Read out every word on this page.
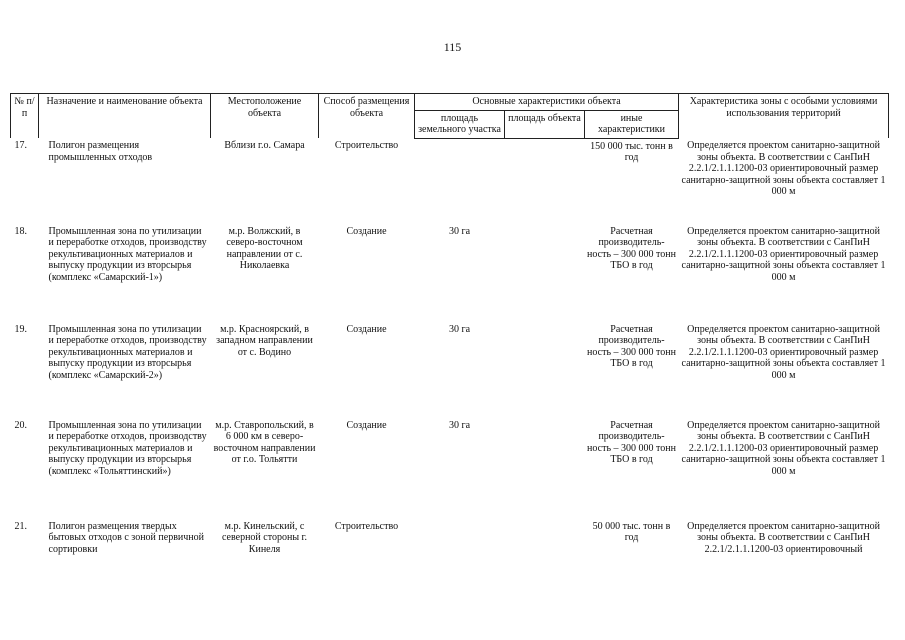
115
№ п/п	Назначение и наименование объекта	Местоположение объекта	Способ размещения объекта	Основные характеристики объекта			Характеристика зоны с особыми условиями использования территорий
				площадь земельного участка	площадь объекта	иные характеристики	
17.	Полигон размещения промышленных отходов	Вблизи г.о. Самара	Строительство			150 000 тыс. тонн в год	Определяется проектом санитарно-защитной зоны объекта. В соответствии с СанПиН 2.2.1/2.1.1.1200-03 ориентировочный размер санитарно-защитной зоны объекта составляет 1 000 м
18.	Промышленная зона по утилизации и переработке отходов, производству рекультивационных материалов и выпуску продукции из вторсырья (комплекс «Самарский-1»)	м.р. Волжский, в северо-восточном направлении от с. Николаевка	Создание	30 га		Расчетная производитель-ность – 300 000 тонн ТБО в год	Определяется проектом санитарно-защитной зоны объекта. В соответствии с СанПиН 2.2.1/2.1.1.1200-03 ориентировочный размер санитарно-защитной зоны объекта составляет 1 000 м
19.	Промышленная зона по утилизации и переработке отходов, производству рекультивационных материалов и выпуску продукции из вторсырья (комплекс «Самарский-2»)	м.р. Красноярский, в западном направлении от с. Водино	Создание	30 га		Расчетная производитель-ность – 300 000 тонн ТБО в год	Определяется проектом санитарно-защитной зоны объекта. В соответствии с СанПиН 2.2.1/2.1.1.1200-03 ориентировочный размер санитарно-защитной зоны объекта составляет 1 000 м
20.	Промышленная зона по утилизации и переработке отходов, производству рекультивационных материалов и выпуску продукции из вторсырья (комплекс «Тольяттинский»)	м.р. Ставропольский, в 6 000 км в северо-восточном направлении от г.о. Тольятти	Создание	30 га		Расчетная производитель-ность – 300 000 тонн ТБО в год	Определяется проектом санитарно-защитной зоны объекта. В соответствии с СанПиН 2.2.1/2.1.1.1200-03 ориентировочный размер санитарно-защитной зоны объекта составляет 1 000 м
21.	Полигон размещения твердых бытовых отходов с зоной первичной сортировки	м.р. Кинельский, с северной стороны г. Кинеля	Строительство			50 000 тыс. тонн в год	Определяется проектом санитарно-защитной зоны объекта. В соответствии с СанПиН 2.2.1/2.1.1.1200-03 ориентировочный
